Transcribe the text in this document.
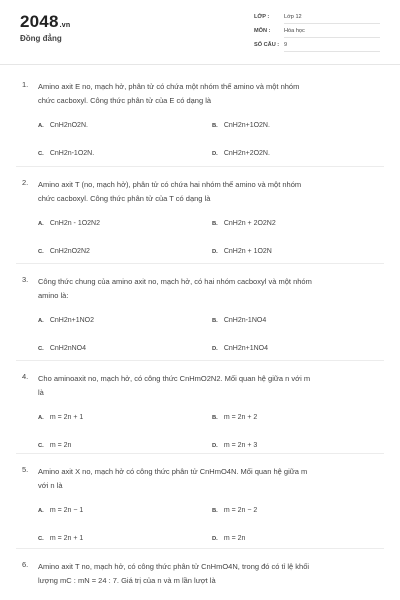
2048.vn
Đồng đẳng
LỚP :	Lớp 12
MÔN : Hóa học
SỐ CÂU : 9
1. Amino axit E no, mạch hở, phân tử có chứa một nhóm thế amino và một nhóm
chức cacboxyl. Công thức phân tử của E có dạng là
A. CnH2nO2N.	B. CnH2n+1O2N.
C. CnH2n-1O2N.	D. CnH2n+2O2N.
2. Amino axit T (no, mạch hở), phân tử có chứa hai nhóm thế amino và một nhóm
chức cacboxyl. Công thức phân tử của T có dạng là
A. CnH2n - 1O2N2	B. CnH2n + 2O2N2
C. CnH2nO2N2	D. CnH2n + 1O2N
3. Công thức chung của amino axit no, mạch hở, có hai nhóm cacboxyl và một nhóm
amino là:
A. CnH2n+1NO2	B. CnH2n-1NO4
C. CnH2nNO4	D. CnH2n+1NO4
4. Cho aminoaxit no, mạch hở, có công thức CnHmO2N2. Mối quan hệ giữa n với m
là
A. m = 2n + 1	B. m = 2n + 2
C. m = 2n	D. m = 2n + 3
5. Amino axit X no, mạch hở có công thức phân tử CnHmO4N. Mối quan hệ giữa m
với n là
A. m = 2n − 1	B. m = 2n − 2
C. m = 2n + 1	D. m = 2n
6. Amino axit T no, mạch hở, có công thức phân tử CnHmO4N, trong đó có tỉ lệ khối
lượng mC : mN = 24 : 7. Giá trị của n và m lần lượt là
